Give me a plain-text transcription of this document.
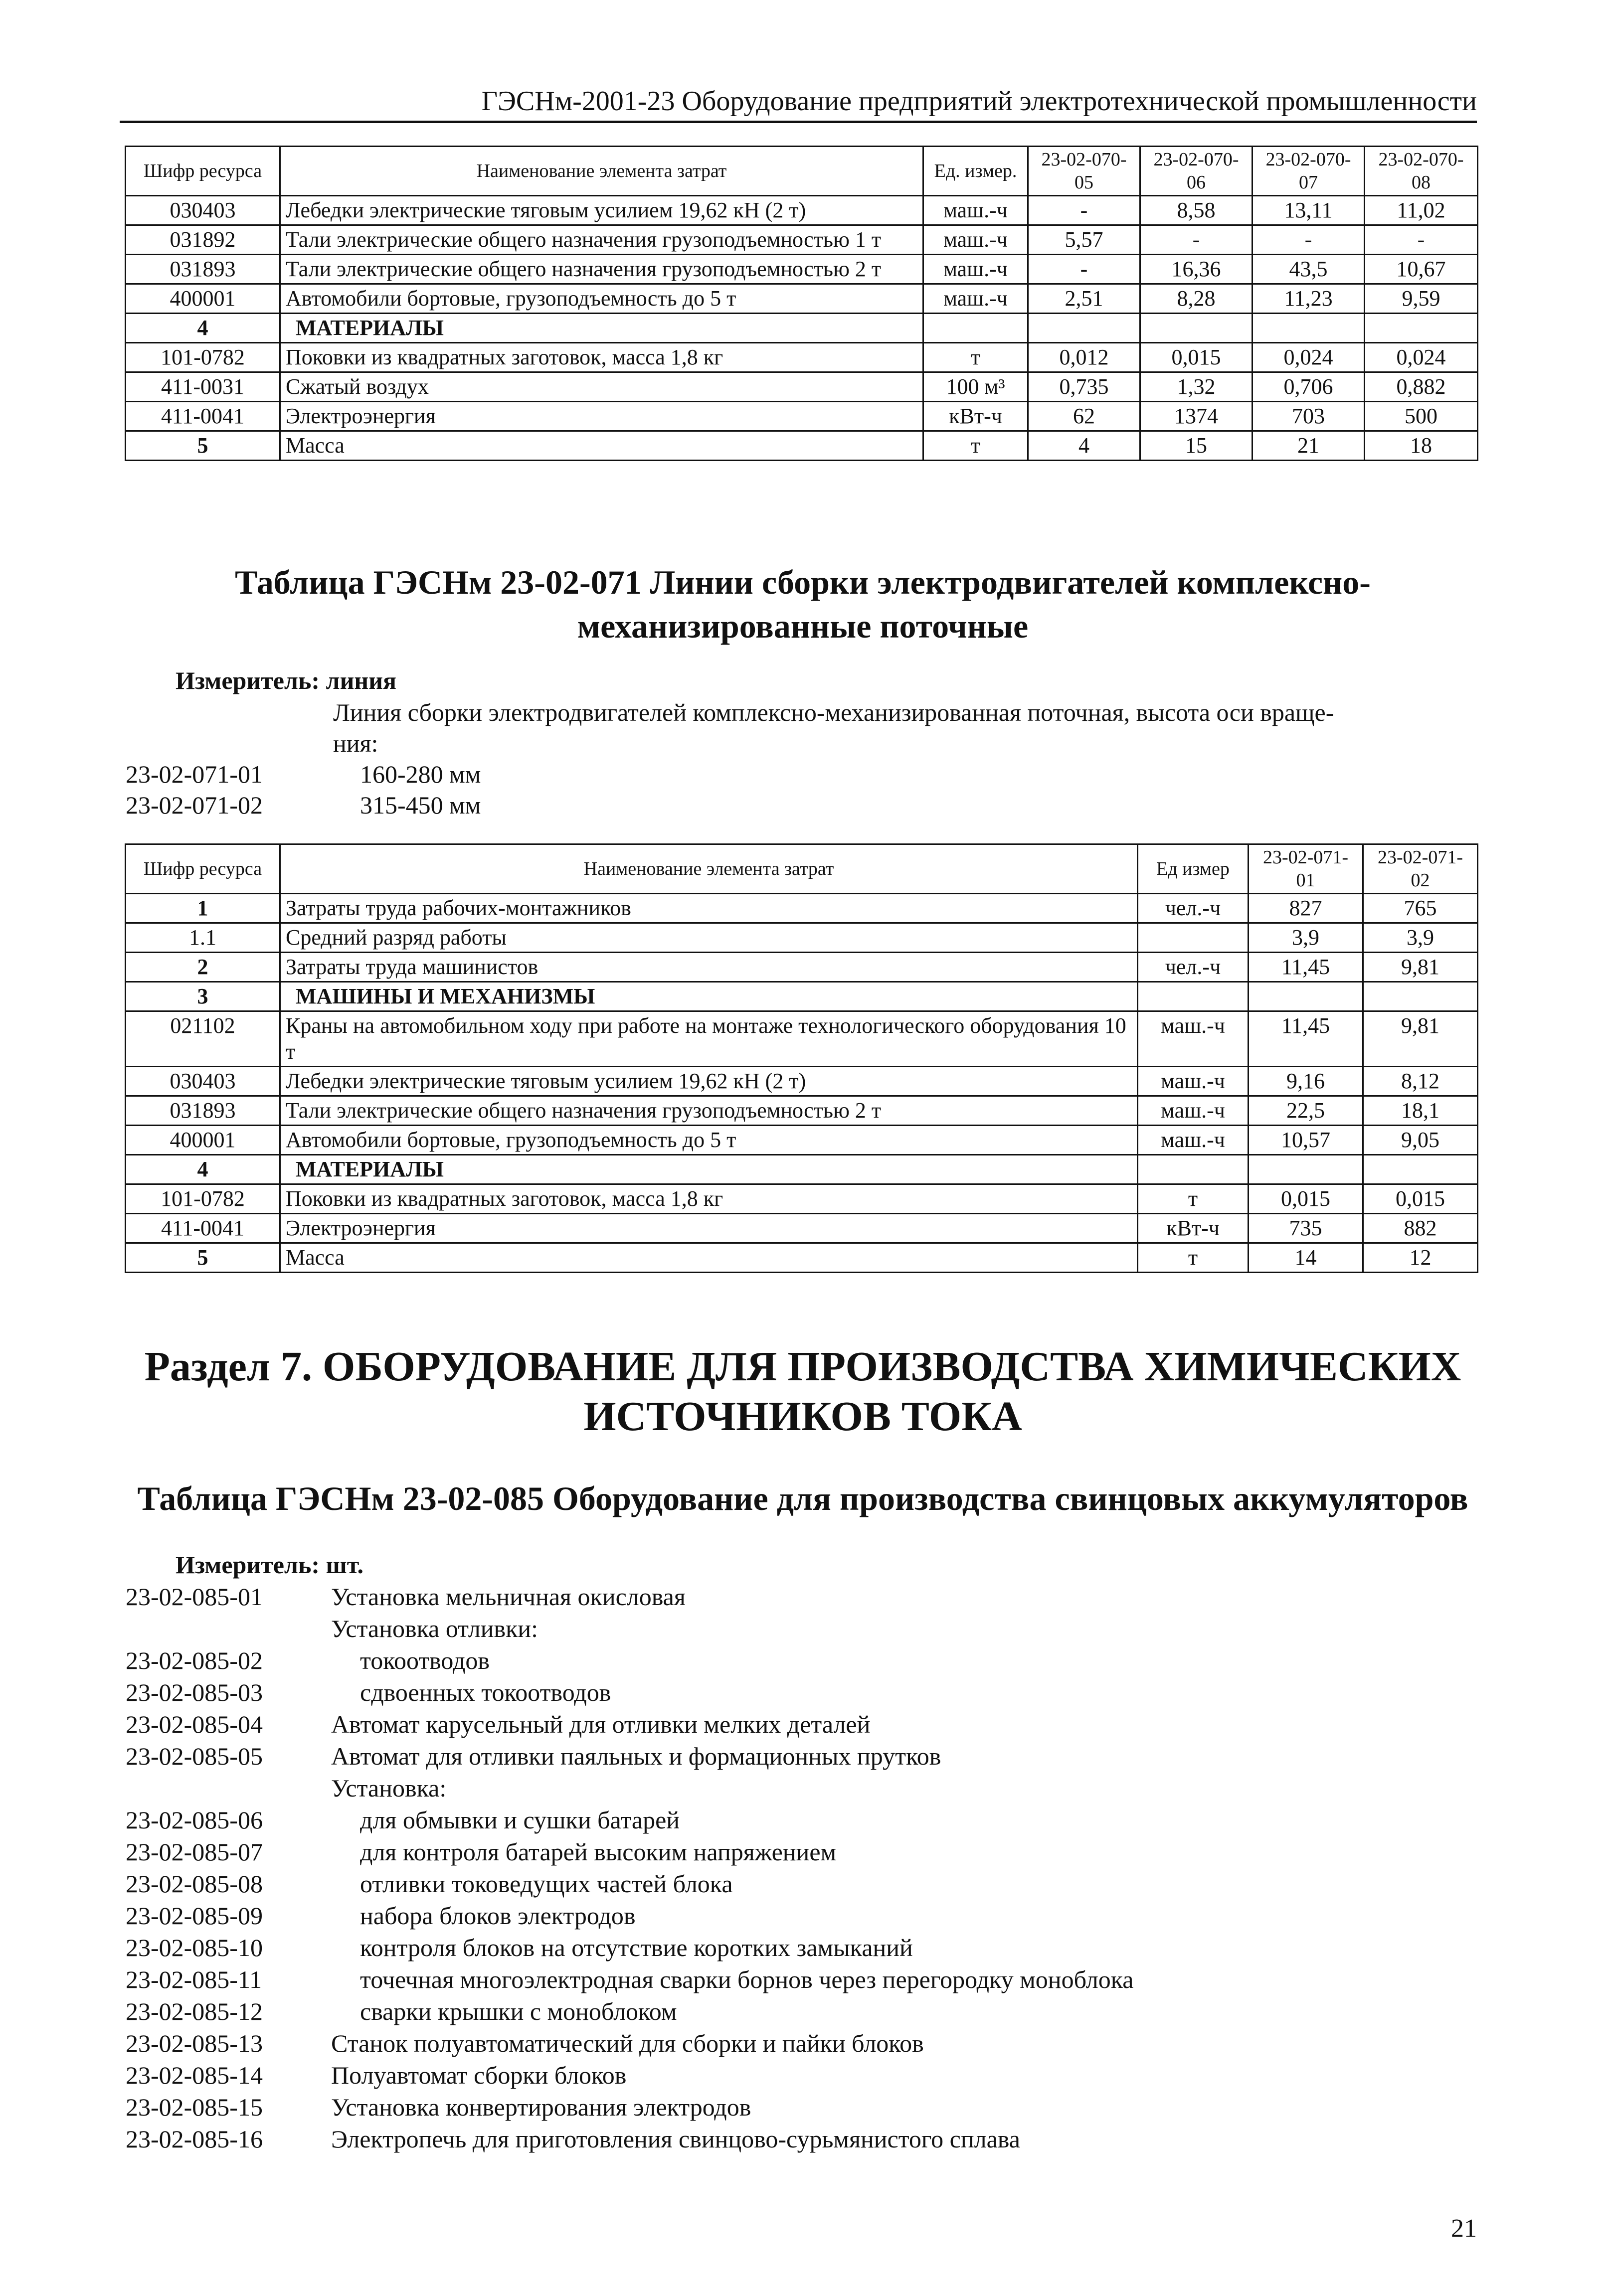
ГЭСНм-2001-23 Оборудование предприятий электротехнической промышленности
Шифр ресурса	Наименование элемента затрат	Ед. измер.	23-02-070-05	23-02-070-06	23-02-070-07	23-02-070-08
030403	Лебедки электрические тяговым усилием 19,62 кН (2 т)	маш.-ч	-	8,58	13,11	11,02
031892	Тали электрические общего назначения грузоподъемностью 1 т	маш.-ч	5,57	-	-	-
031893	Тали электрические общего назначения грузоподъемностью 2 т	маш.-ч	-	16,36	43,5	10,67
400001	Автомобили бортовые, грузоподъемность до 5 т	маш.-ч	2,51	8,28	11,23	9,59
4	МАТЕРИАЛЫ					
101-0782	Поковки из квадратных заготовок, масса 1,8 кг	т	0,012	0,015	0,024	0,024
411-0031	Сжатый воздух	100 м³	0,735	1,32	0,706	0,882
411-0041	Электроэнергия	кВт-ч	62	1374	703	500
5	Масса	т	4	15	21	18
Таблица ГЭСНм 23-02-071 Линии сборки электродвигателей комплексно-
механизированные поточные
Измеритель: линия
Линия сборки электродвигателей комплексно-механизированная поточная, высота оси враще-
ния:
23-02-071-01	160-280 мм
23-02-071-02	315-450 мм
Шифр ресурса	Наименование элемента затрат	Ед измер	23-02-071-01	23-02-071-02
1	Затраты труда рабочих-монтажников	чел.-ч	827	765
1.1	Средний разряд работы		3,9	3,9
2	Затраты труда машинистов	чел.-ч	11,45	9,81
3	МАШИНЫ И МЕХАНИЗМЫ			
021102	Краны на автомобильном ходу при работе на монтаже технологического оборудования 10 т	маш.-ч	11,45	9,81
030403	Лебедки электрические тяговым усилием 19,62 кН (2 т)	маш.-ч	9,16	8,12
031893	Тали электрические общего назначения грузоподъемностью 2 т	маш.-ч	22,5	18,1
400001	Автомобили бортовые, грузоподъемность до 5 т	маш.-ч	10,57	9,05
4	МАТЕРИАЛЫ			
101-0782	Поковки из квадратных заготовок, масса 1,8 кг	т	0,015	0,015
411-0041	Электроэнергия	кВт-ч	735	882
5	Масса	т	14	12
Раздел 7. ОБОРУДОВАНИЕ ДЛЯ ПРОИЗВОДСТВА ХИМИЧЕСКИХ
ИСТОЧНИКОВ ТОКА
Таблица ГЭСНм 23-02-085 Оборудование для производства свинцовых аккумуляторов
Измеритель: шт.
23-02-085-01	Установка мельничная окисловая
Установка отливки:
23-02-085-02	токоотводов
23-02-085-03	сдвоенных токоотводов
23-02-085-04	Автомат карусельный для отливки мелких деталей
23-02-085-05	Автомат для отливки паяльных и формационных прутков
Установка:
23-02-085-06	для обмывки и сушки батарей
23-02-085-07	для контроля батарей высоким напряжением
23-02-085-08	отливки токоведущих частей блока
23-02-085-09	набора блоков электродов
23-02-085-10	контроля блоков на отсутствие коротких замыканий
23-02-085-11	точечная многоэлектродная сварки борнов через перегородку моноблока
23-02-085-12	сварки крышки с моноблоком
23-02-085-13	Станок полуавтоматический для сборки и пайки блоков
23-02-085-14	Полуавтомат сборки блоков
23-02-085-15	Установка конвертирования электродов
23-02-085-16	Электропечь для приготовления свинцово-сурьмянистого сплава
21
